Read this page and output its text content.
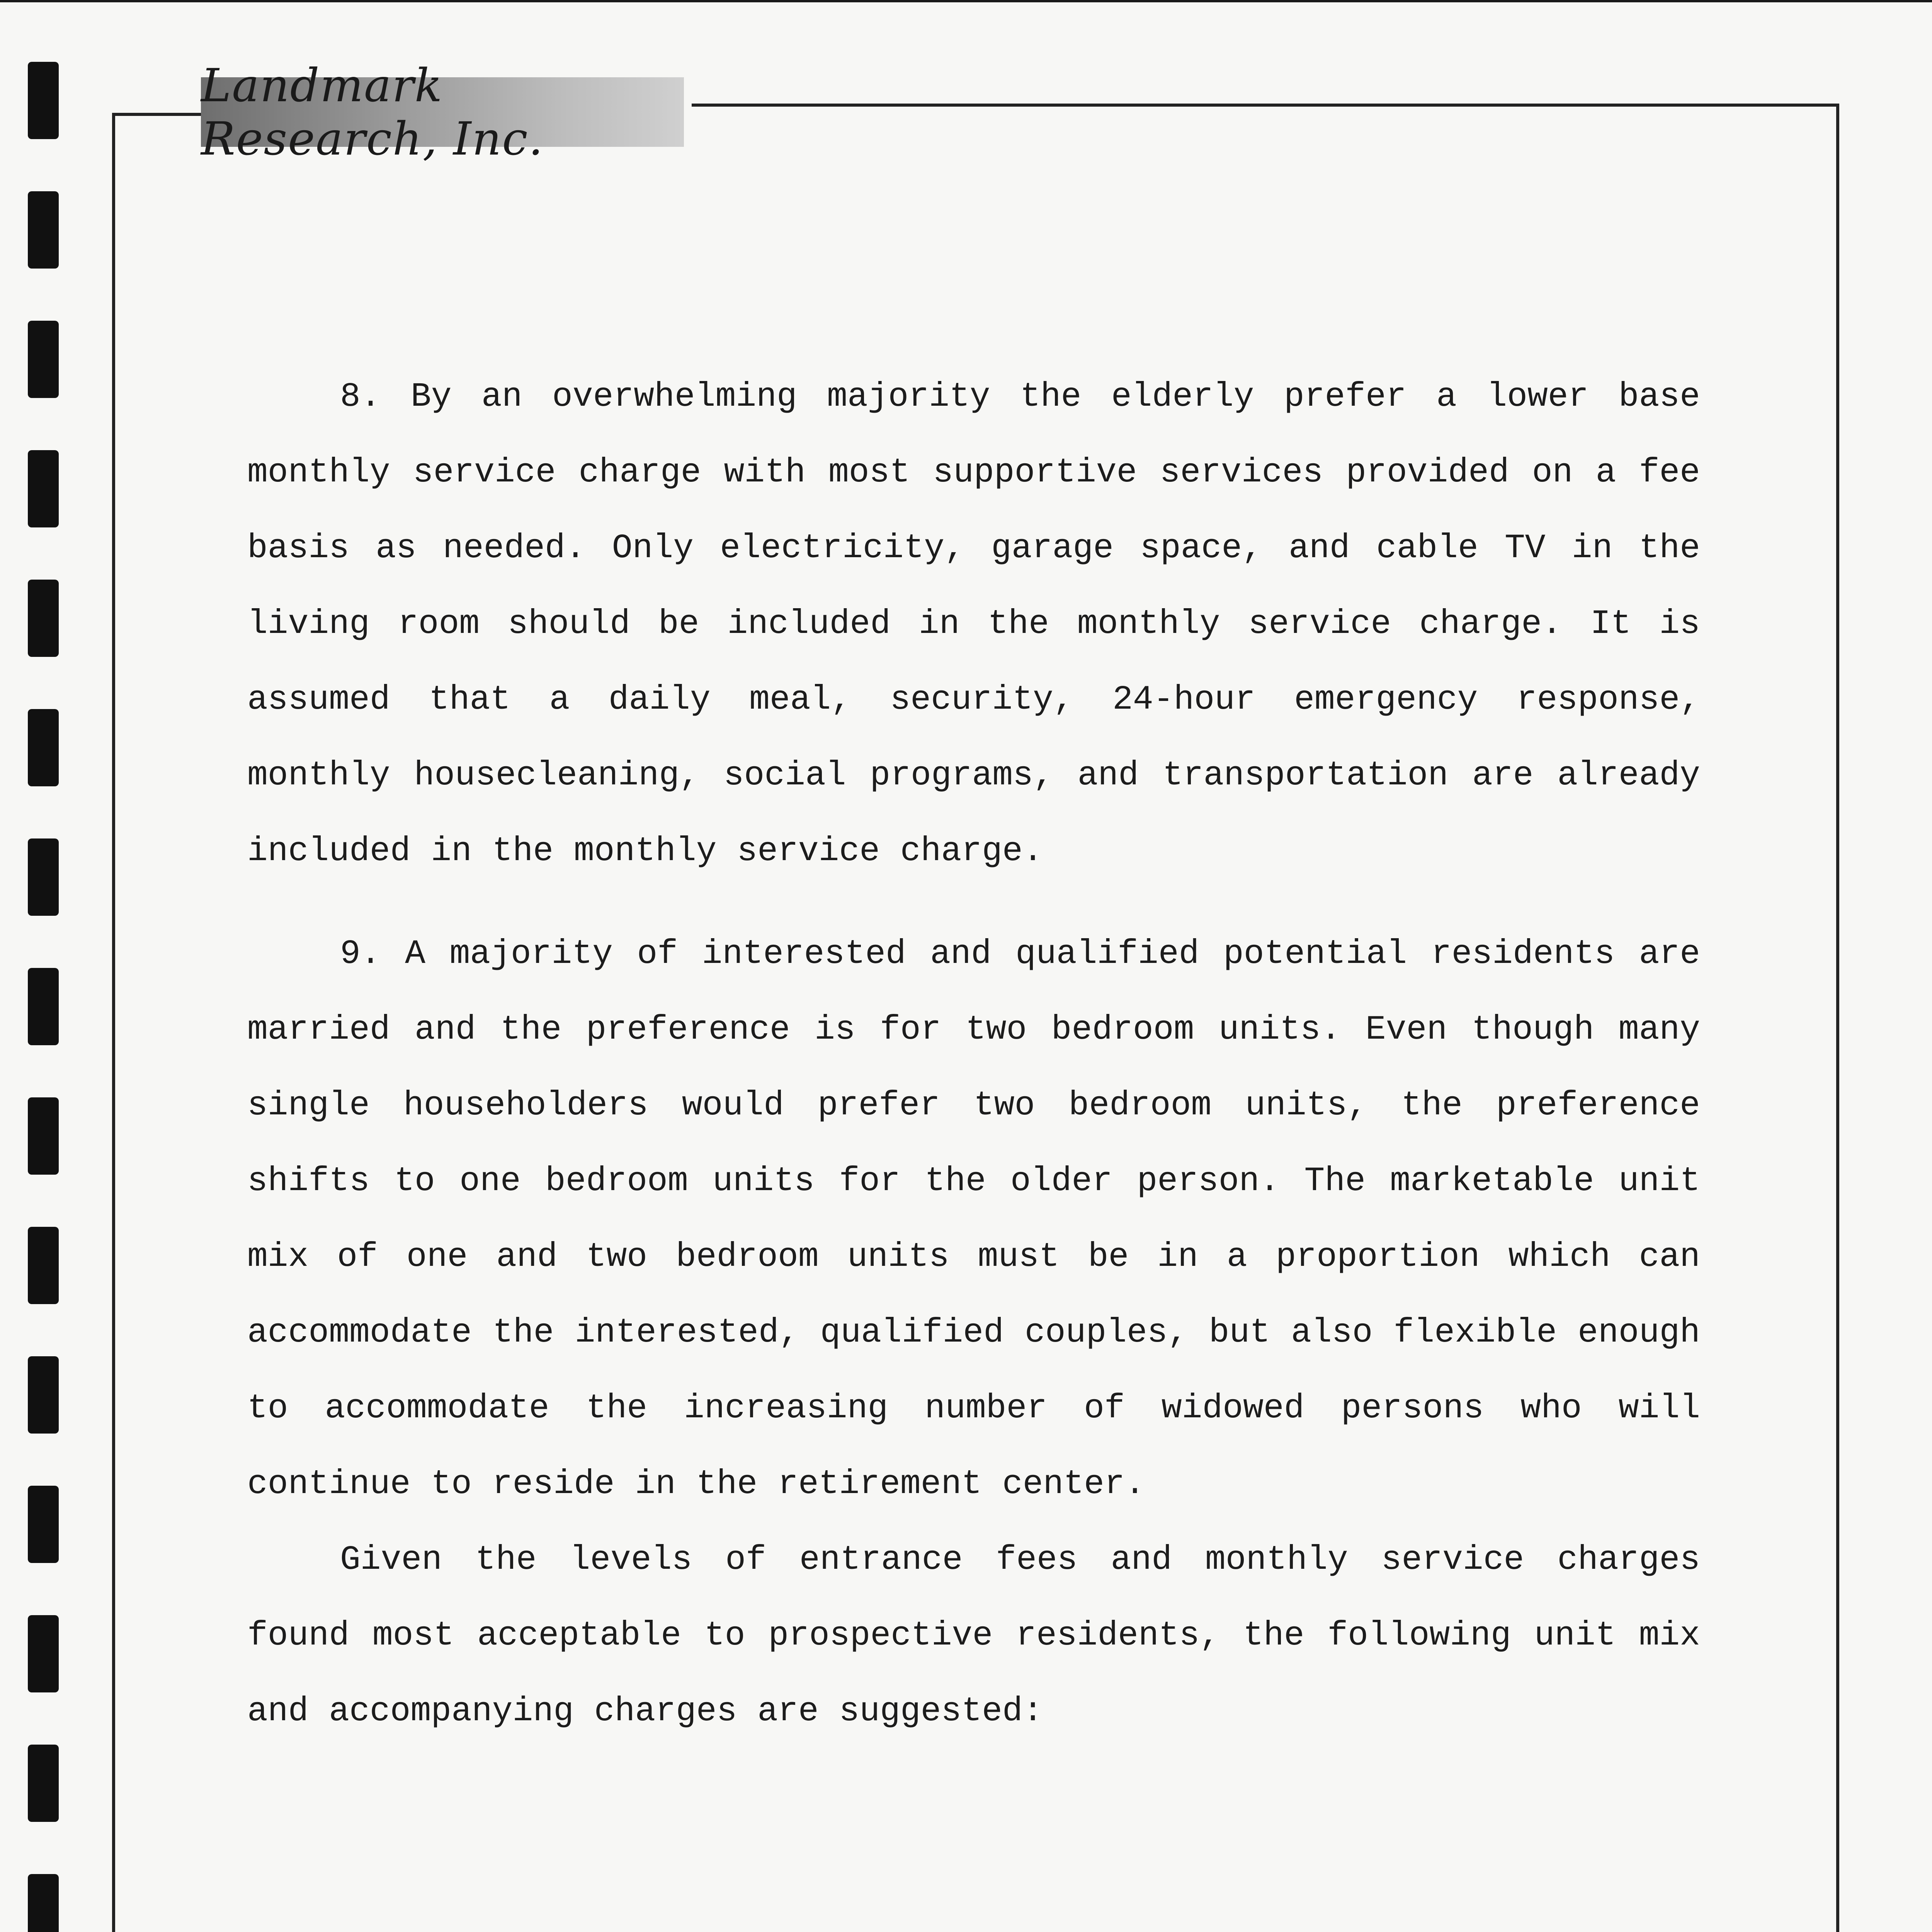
Landmark Research, Inc.

8. By an overwhelming majority the elderly prefer a lower base monthly service charge with most supportive services provided on a fee basis as needed. Only electricity, garage space, and cable TV in the living room should be included in the monthly service charge. It is assumed that a daily meal, security, 24-hour emergency response, monthly housecleaning, social programs, and transportation are already included in the monthly service charge.

9. A majority of interested and qualified potential residents are married and the preference is for two bedroom units. Even though many single householders would prefer two bedroom units, the preference shifts to one bedroom units for the older person. The marketable unit mix of one and two bedroom units must be in a proportion which can accommodate the interested, qualified couples, but also flexible enough to accommodate the increasing number of widowed persons who will continue to reside in the retirement center.

Given the levels of entrance fees and monthly service charges found most acceptable to prospective residents, the following unit mix and accompanying charges are suggested:
